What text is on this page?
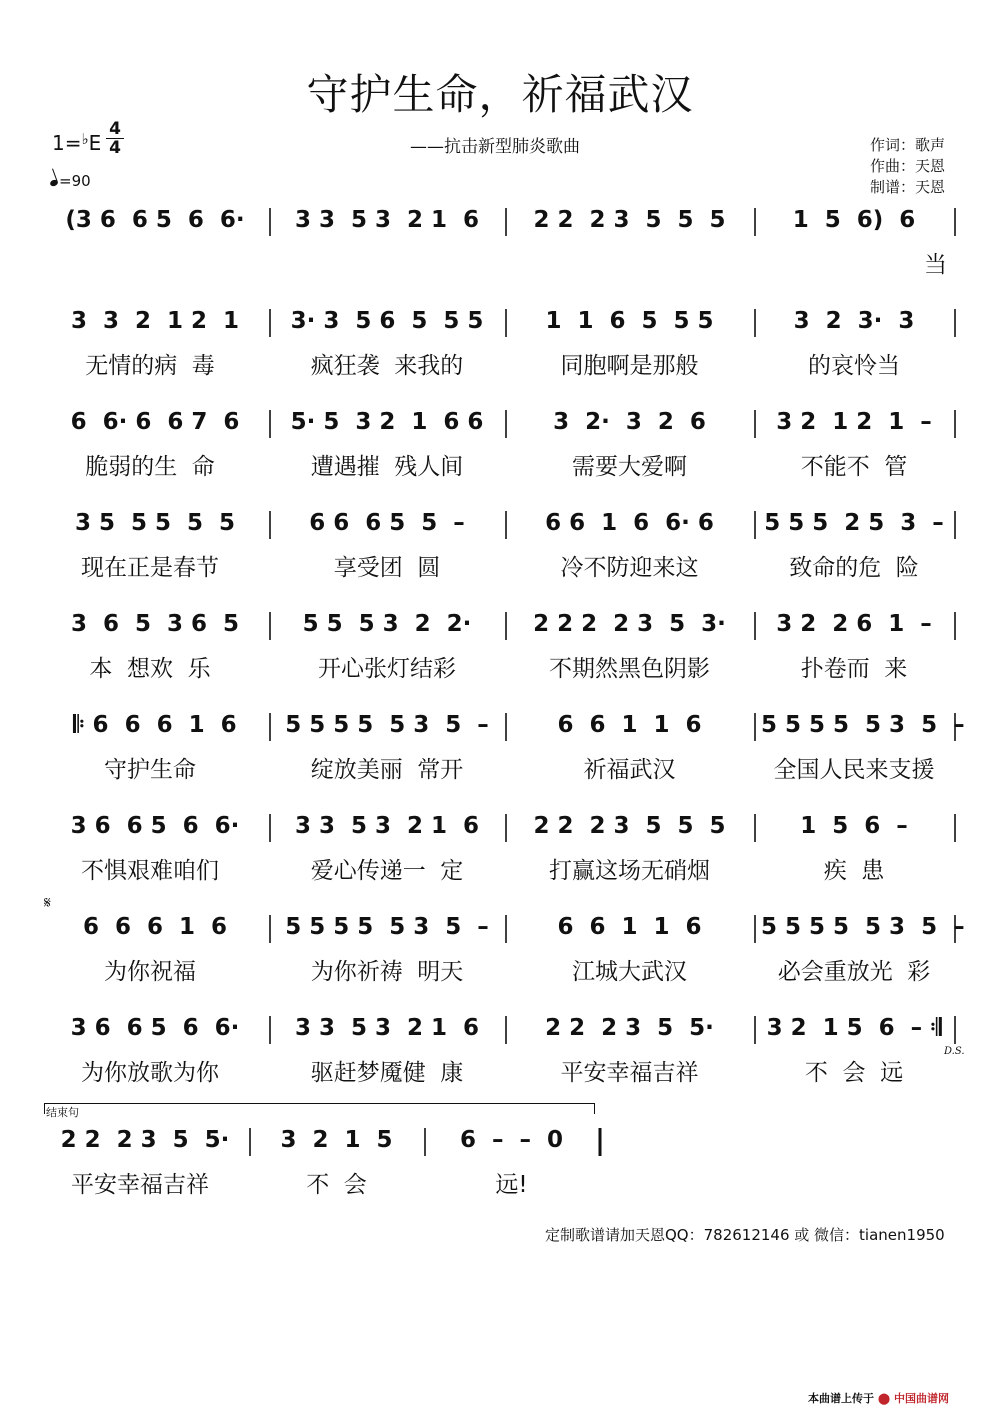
守护生命，祈福武汉
1=♭E
4
4
=90
——抗击新型肺炎歌曲	作词：歌声
作曲：天恩
制谱：天恩
𝄋
D.S.
结束句
(3 6  6 5  6  6·	3 3  5 3  2 1  6	2 2  2 3  5  5  5	1  5  6)  6
当
3  3  2  1 2  1
无情的病  毒
3· 3  5 6  5  5 5
疯狂袭  来我的
1  1  6  5  5 5
同胞啊是那般
3  2  3·  3
的哀怜当
6  6· 6  6 7  6
脆弱的生  命
5· 5  3 2  1  6 6
遭遇摧  残人间
3  2·  3  2  6
需要大爱啊
3 2  1 2  1  –
不能不  管
3 5  5 5  5  5
现在正是春节
6 6  6 5  5  –
享受团  圆
6 6  1  6  6· 6
冷不防迎来这
5 5 5  2 5  3  –
致命的危  险
3  6  5  3 6  5
本  想欢  乐
5 5  5 3  2  2·
开心张灯结彩
2 2 2  2 3  5  3·
不期然黑色阴影
3 2  2 6  1  –
扑卷而  来
𝄆 6  6  6  1  6
守护生命
5 5 5 5  5 3  5  –
绽放美丽  常开
6  6  1  1  6
祈福武汉
5 5 5 5  5 3  5  –
全国人民来支援
3 6  6 5  6  6·
不惧艰难咱们
3 3  5 3  2 1  6
爱心传递一  定
2 2  2 3  5  5  5
打赢这场无硝烟
1  5  6  –
疾  患
6  6  6  1  6
为你祝福
5 5 5 5  5 3  5  –
为你祈祷  明天
6  6  1  1  6
江城大武汉
5 5 5 5  5 3  5  –
必会重放光  彩
3 6  6 5  6  6·
为你放歌为你
3 3  5 3  2 1  6
驱赶梦魇健  康
2 2  2 3  5  5·
平安幸福吉祥
3 2  1 5  6  – 𝄇
不  会  远
2 2  2 3  5  5·
平安幸福吉祥
3  2  1  5
不  会
6  –  –  0
远!
定制歌谱请加天恩QQ：782612146 或 微信：tianen1950
本曲谱上传于 ⬤ 中国曲谱网
